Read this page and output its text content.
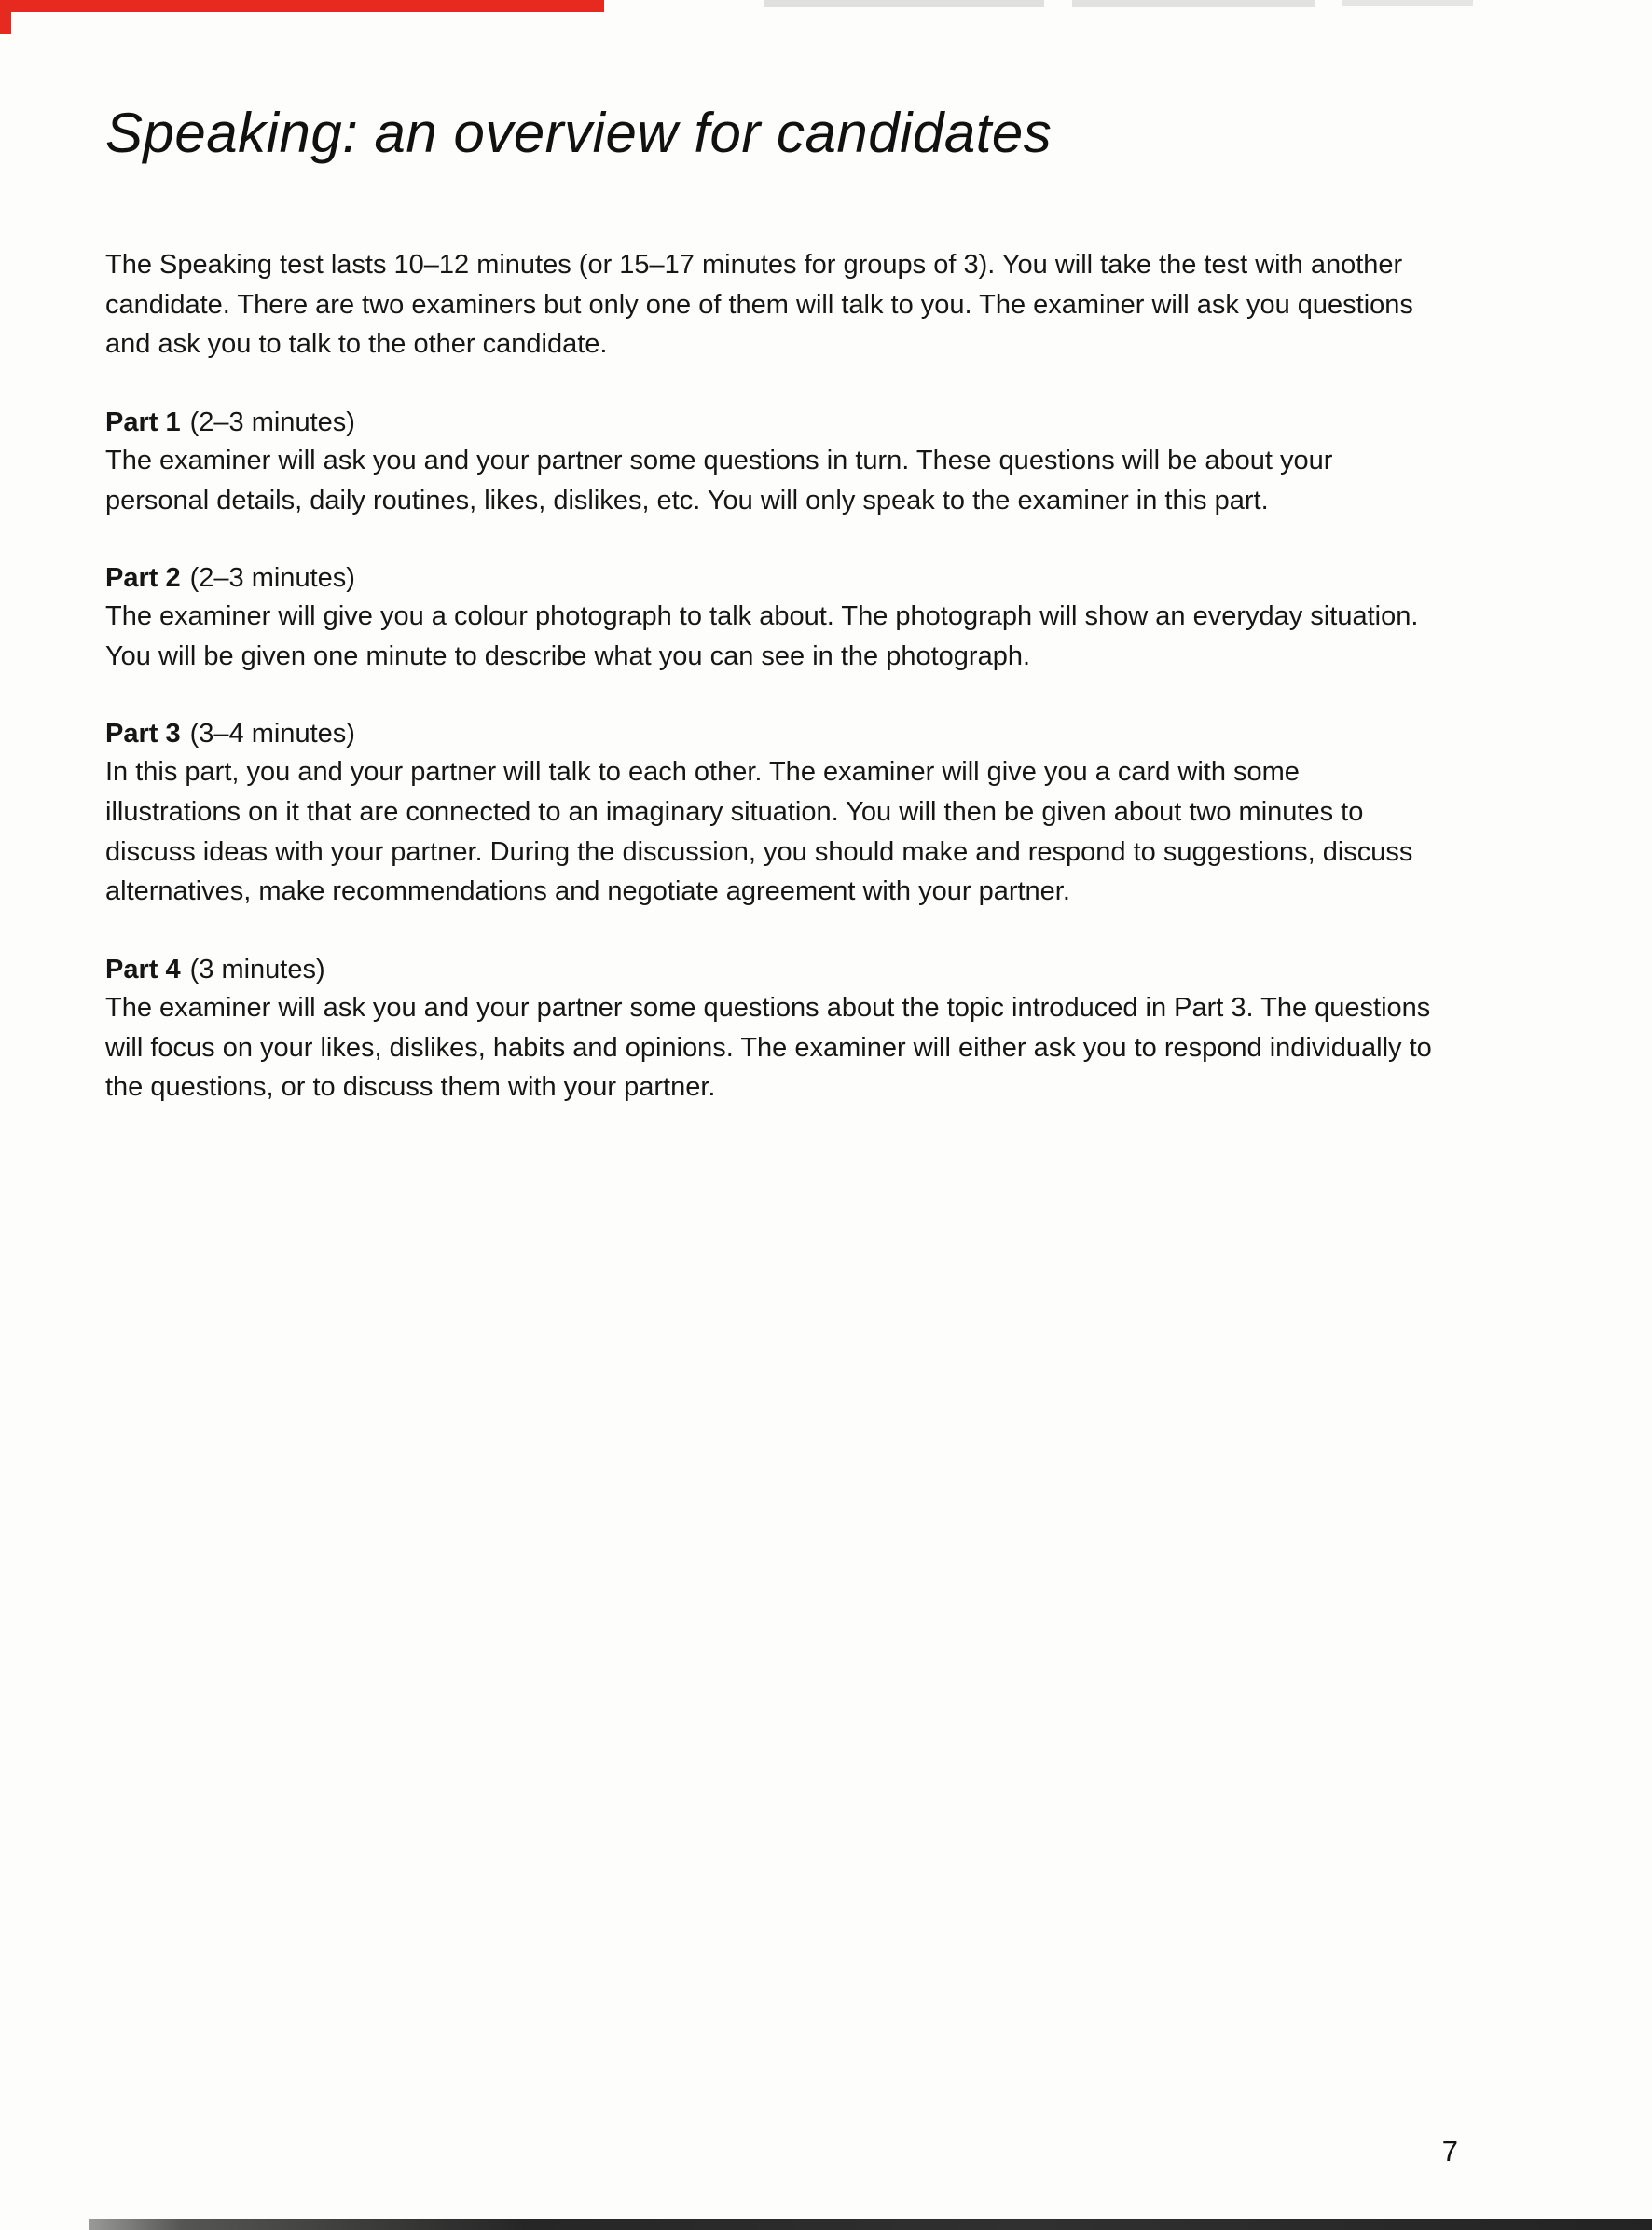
Speaking: an overview for candidates

The Speaking test lasts 10–12 minutes (or 15–17 minutes for groups of 3). You will take the test with another candidate. There are two examiners but only one of them will talk to you. The examiner will ask you questions and ask you to talk to the other candidate.

Part 1 (2–3 minutes)

The examiner will ask you and your partner some questions in turn. These questions will be about your personal details, daily routines, likes, dislikes, etc. You will only speak to the examiner in this part.

Part 2 (2–3 minutes)

The examiner will give you a colour photograph to talk about. The photograph will show an everyday situation. You will be given one minute to describe what you can see in the photograph.

Part 3 (3–4 minutes)

In this part, you and your partner will talk to each other. The examiner will give you a card with some illustrations on it that are connected to an imaginary situation. You will then be given about two minutes to discuss ideas with your partner. During the discussion, you should make and respond to suggestions, discuss alternatives, make recommendations and negotiate agreement with your partner.

Part 4 (3 minutes)

The examiner will ask you and your partner some questions about the topic introduced in Part 3. The questions will focus on your likes, dislikes, habits and opinions. The examiner will either ask you to respond individually to the questions, or to discuss them with your partner.

7
